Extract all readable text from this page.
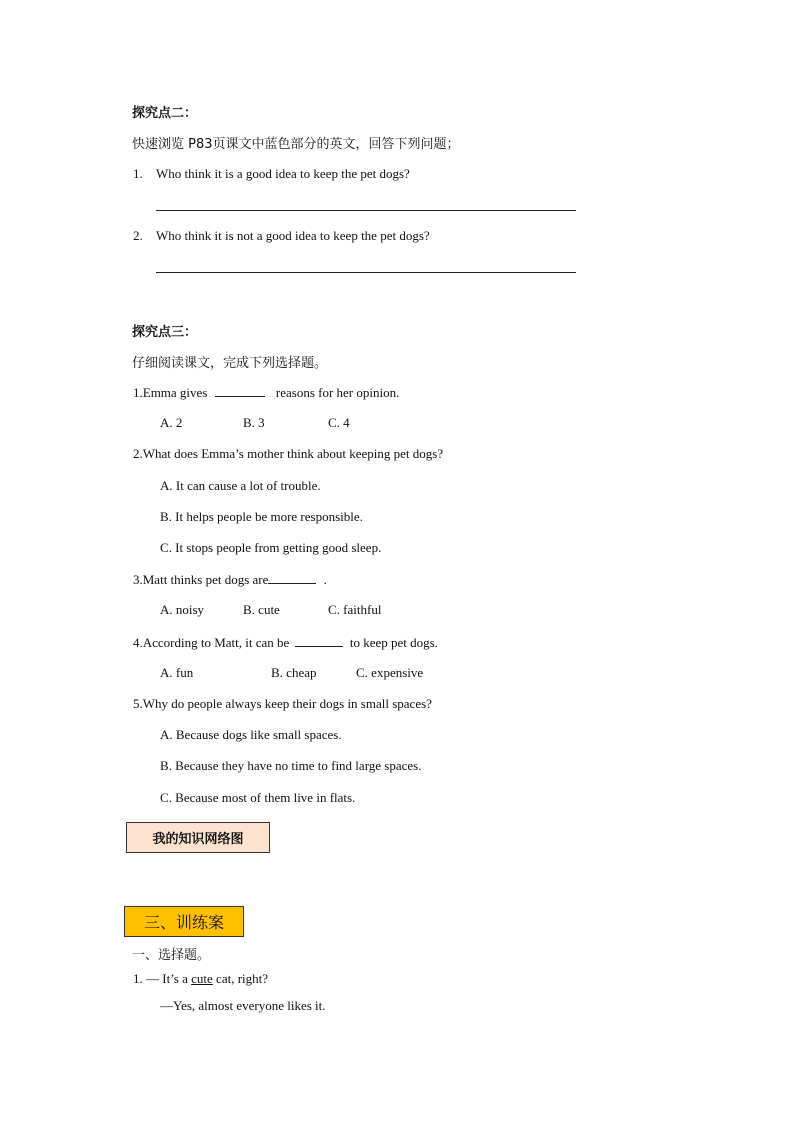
探究点二：
快速浏览 P83页课文中蓝色部分的英文，回答下列问题；
1. Who think it is a good idea to keep the pet dogs?
2. Who think it is not a good idea to keep the pet dogs?
探究点三：
仔细阅读课文，完成下列选择题。
1.Emma gives	reasons for her opinion.
A. 2	B. 3	C. 4
2.What does Emma’s mother think about keeping pet dogs?
A. It can cause a lot of trouble.
B. It helps people be more responsible.
C. It stops people from getting good sleep.
3.Matt thinks pet dogs are	.
A. noisy	B. cute	C. faithful
4.According to Matt, it can be	to keep pet dogs.
A. fun	B. cheap	C. expensive
5.Why do people always keep their dogs in small spaces?
A. Because dogs like small spaces.
B. Because they have no time to find large spaces.
C. Because most of them live in flats.
我的知识网络图
三、训练案
一、选择题。
1. — It’s a cute cat, right?
—Yes, almost everyone likes it.
